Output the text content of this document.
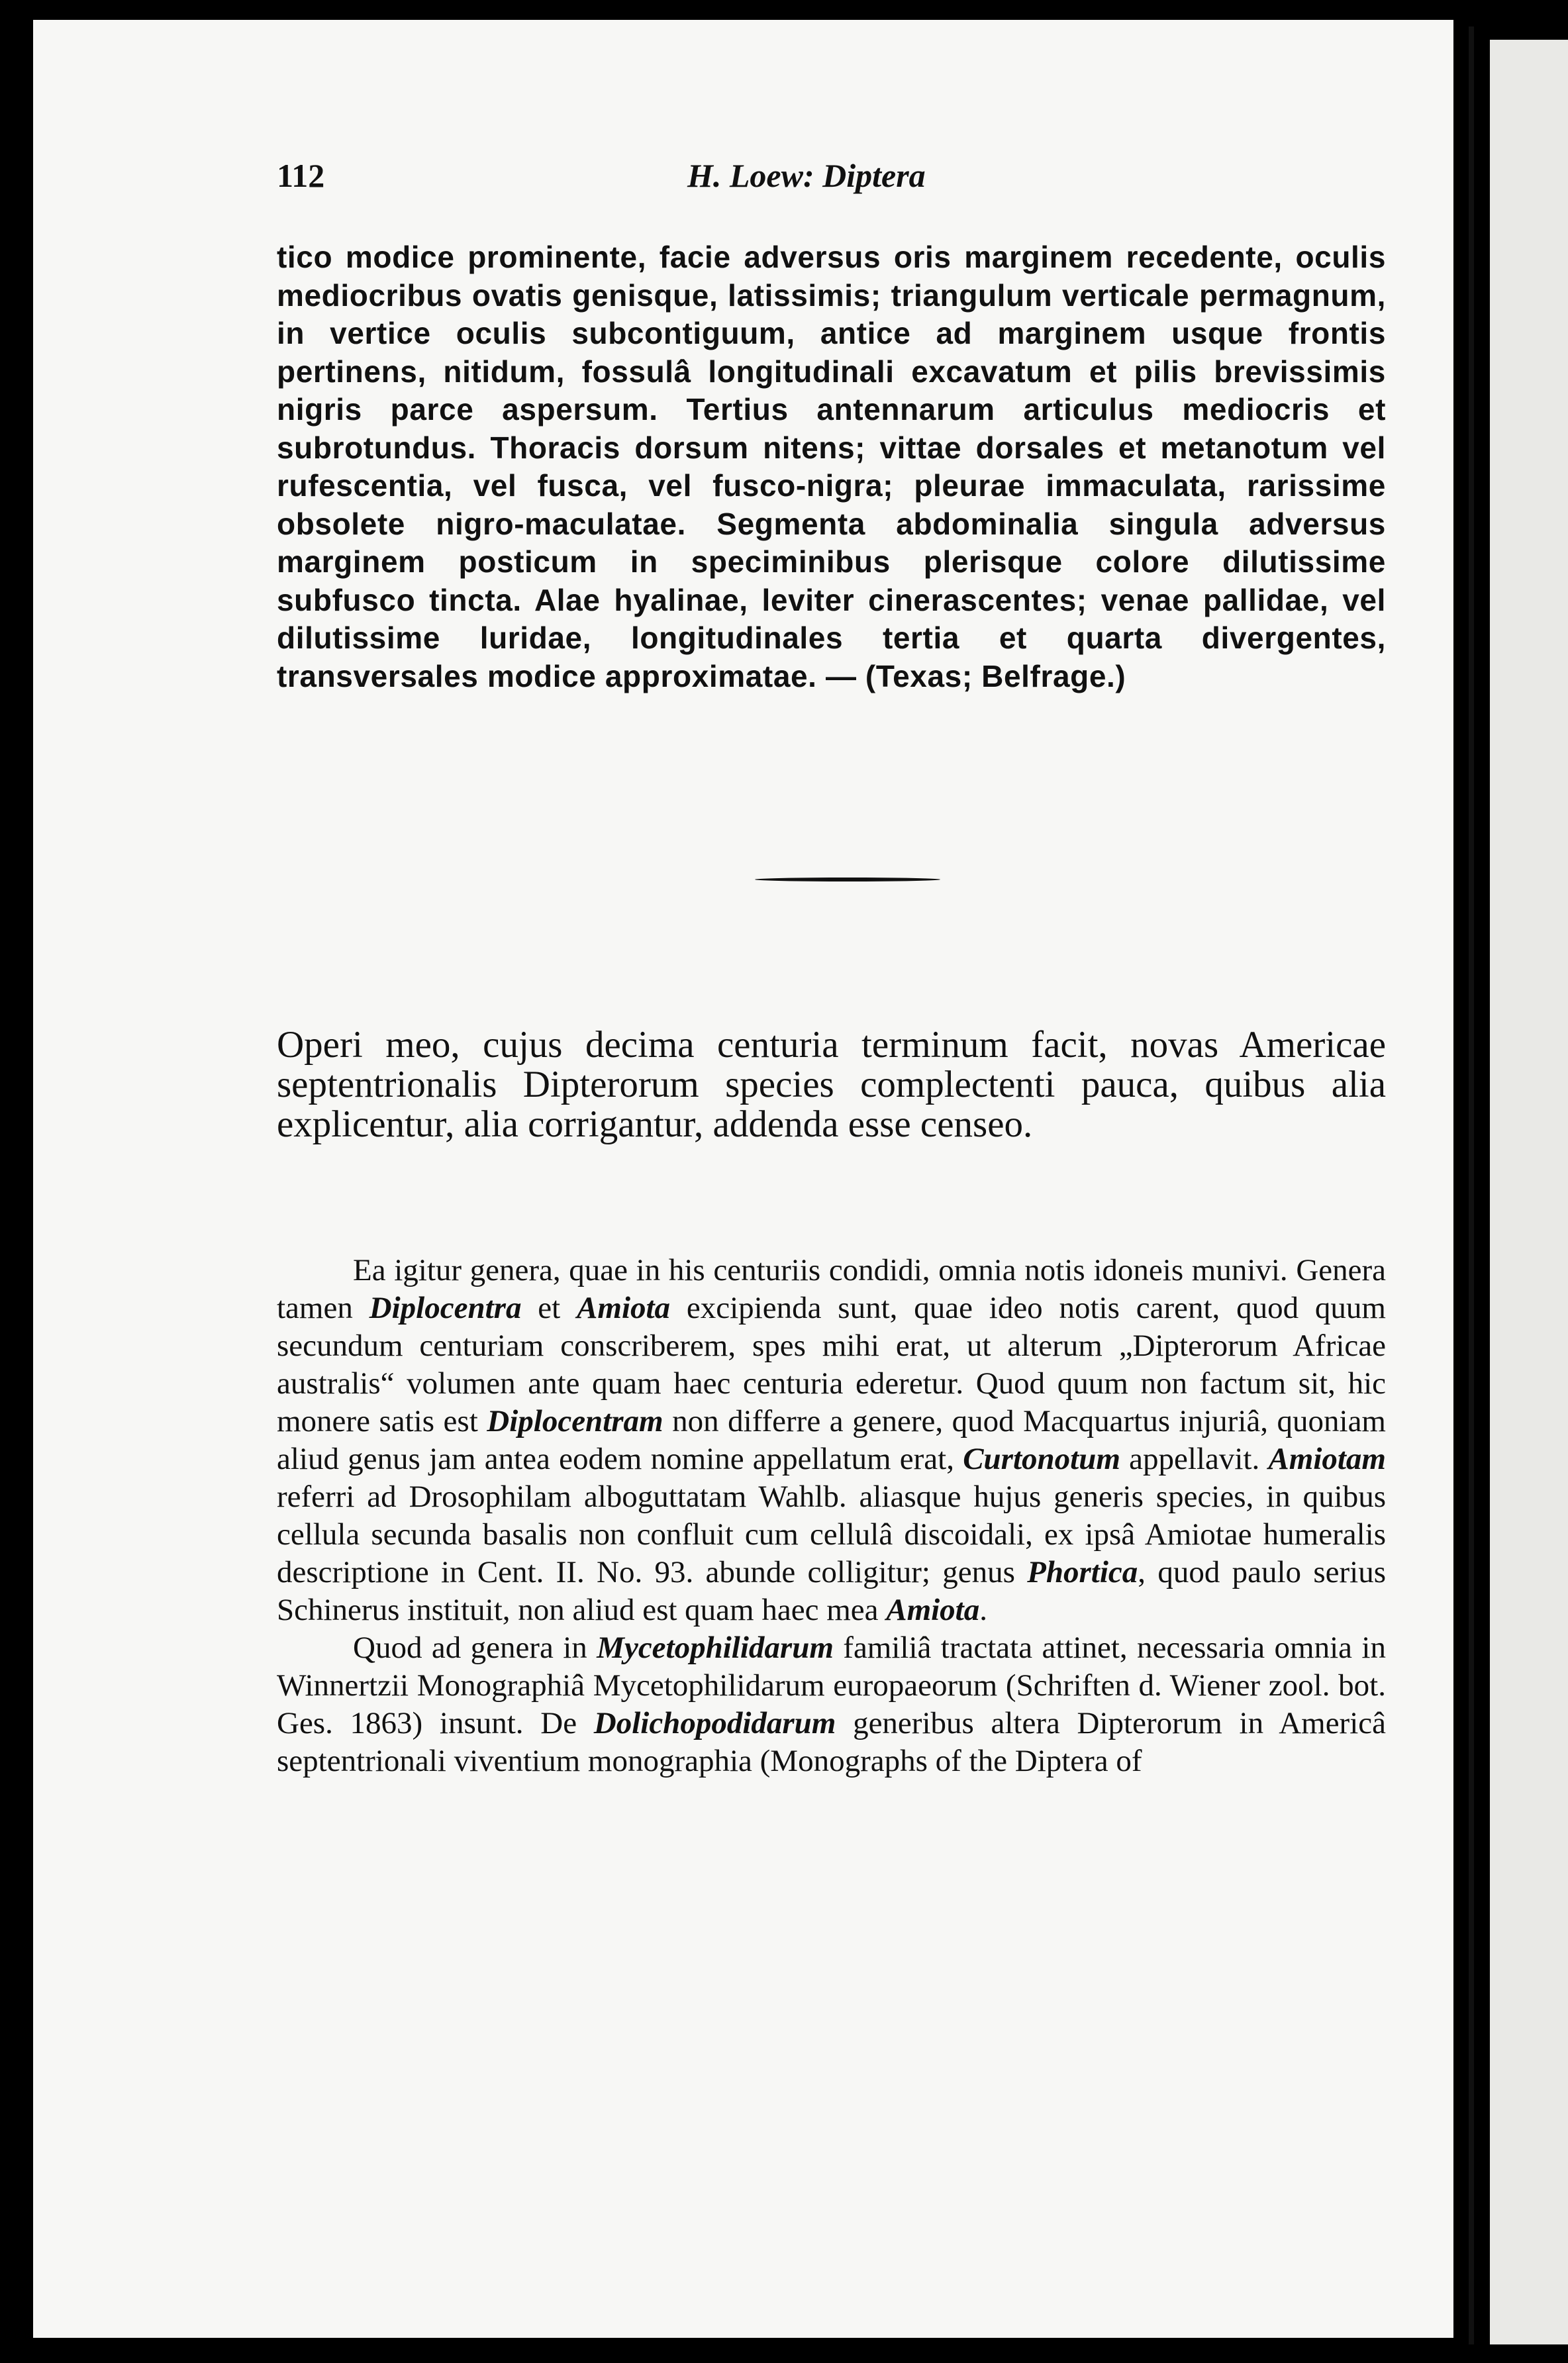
112	H. Loew: Diptera

tico modice prominente, facie adversus oris marginem recedente, oculis mediocribus ovatis genisque, latissimis; triangulum verticale permagnum, in vertice oculis subcontiguum, antice ad marginem usque frontis pertinens, nitidum, fossulâ longitudinali excavatum et pilis brevissimis nigris parce aspersum. Tertius antennarum articulus mediocris et subrotundus. Thoracis dorsum nitens; vittae dorsales et metanotum vel rufescentia, vel fusca, vel fusco-nigra; pleurae immaculata, rarissime obsolete nigro-maculatae. Segmenta abdominalia singula adversus marginem posticum in speciminibus plerisque colore dilutissime subfusco tincta. Alae hyalinae, leviter cinerascentes; venae pallidae, vel dilutissime luridae, longitudinales tertia et quarta divergentes, transversales modice approximatae. — (Texas; Belfrage.)

Operi meo, cujus decima centuria terminum facit, novas Americae septentrionalis Dipterorum species complectenti pauca, quibus alia explicentur, alia corrigantur, addenda esse censeo.

Ea igitur genera, quae in his centuriis condidi, omnia notis idoneis munivi. Genera tamen Diplocentra et Amiota excipienda sunt, quae ideo notis carent, quod quum secundum centuriam conscriberem, spes mihi erat, ut alterum „Dipterorum Africae australis“ volumen ante quam haec centuria ederetur. Quod quum non factum sit, hic monere satis est Diplocentram non differre a genere, quod Macquartus injuriâ, quoniam aliud genus jam antea eodem nomine appellatum erat, Curtonotum appellavit. Amiotam referri ad Drosophilam alboguttatam Wahlb. aliasque hujus generis species, in quibus cellula secunda basalis non confluit cum cellulâ discoidali, ex ipsâ Amiotae humeralis descriptione in Cent. II. No. 93. abunde colligitur; genus Phortica, quod paulo serius Schinerus instituit, non aliud est quam haec mea Amiota.

Quod ad genera in Mycetophilidarum familiâ tractata attinet, necessaria omnia in Winnertzii Monographiâ Mycetophilidarum europaeorum (Schriften d. Wiener zool. bot. Ges. 1863) insunt. De Dolichopodidarum generibus altera Dipterorum in Americâ septentrionali viventium monographia (Monographs of the Diptera of
